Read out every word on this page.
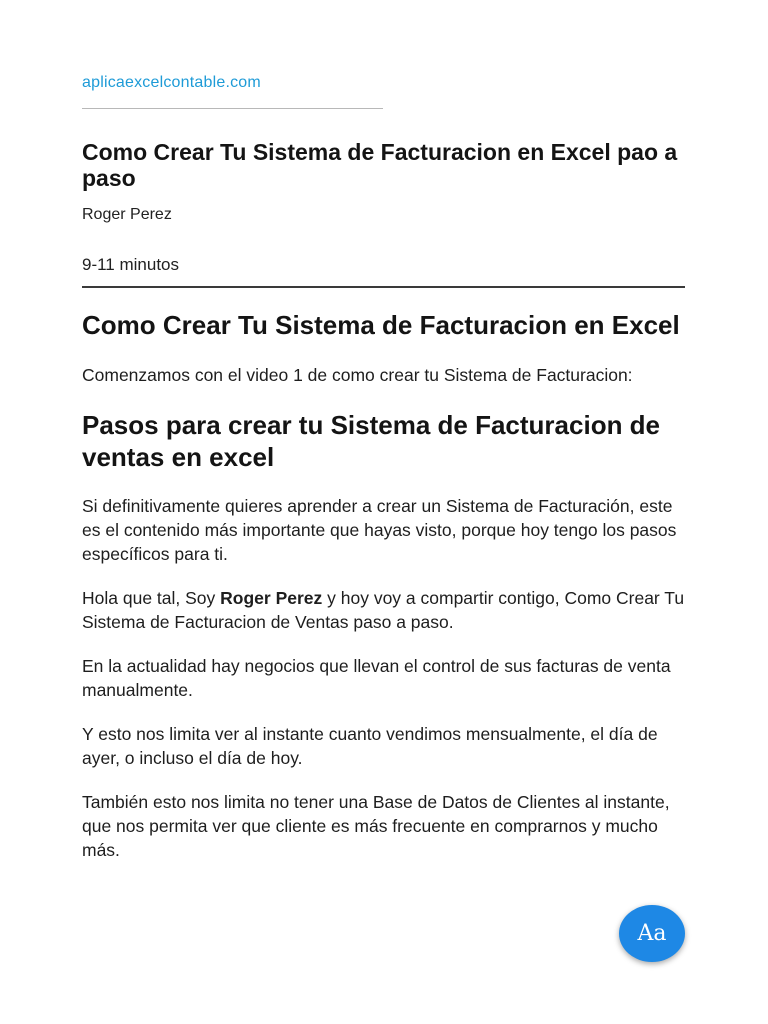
aplicaexcelcontable.com
Como Crear Tu Sistema de Facturacion en Excel pao a paso
Roger Perez
9-11 minutos
Como Crear Tu Sistema de Facturacion en Excel

Comenzamos con el video 1 de como crear tu Sistema de Facturacion:

Pasos para crear tu Sistema de Facturacion de ventas en excel

Si definitivamente quieres aprender a crear un Sistema de Facturación, este es el contenido más importante que hayas visto, porque hoy tengo los pasos específicos para ti.

Hola que tal, Soy Roger Perez y hoy voy a compartir contigo, Como Crear Tu Sistema de Facturacion de Ventas paso a paso.

En la actualidad hay negocios que llevan el control de sus facturas de venta manualmente.

Y esto nos limita ver al instante cuanto vendimos mensualmente, el día de ayer, o incluso el día de hoy.

También esto nos limita no tener una Base de Datos de Clientes al instante, que nos permita ver que cliente es más frecuente en comprarnos y mucho más.

Aa
